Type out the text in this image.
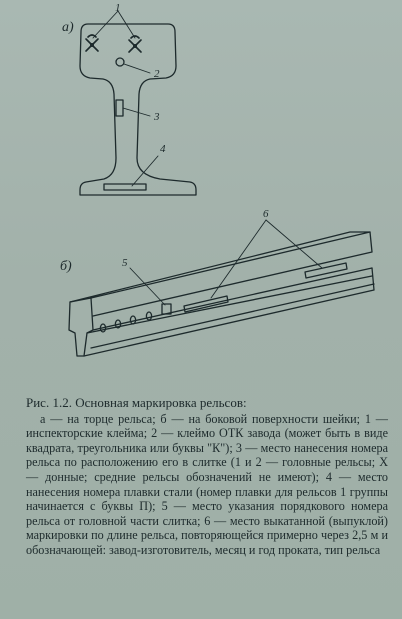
а)
1
2
3
4
б)	5
6
Рис. 1.2. Основная маркировка рельсов:
а — на торце рельса; б — на боковой поверхности шейки; 1 — инспекторские клейма; 2 — клеймо ОТК завода (может быть в виде квадрата, треугольника или буквы "К"); 3 — место нанесения номера рельса по расположению его в слитке (1 и 2 — головные рельсы; Х — донные; средние рельсы обозначений не имеют); 4 — место нанесения номера плавки стали (номер плавки для рельсов 1 группы начинается с буквы П); 5 — место указания порядкового номера рельса от головной части слитка; 6 — место выкатанной (выпуклой) маркировки по длине рельса, повторяющейся примерно через 2,5 м и обозначающей: завод-изготовитель, месяц и год проката, тип рельса
